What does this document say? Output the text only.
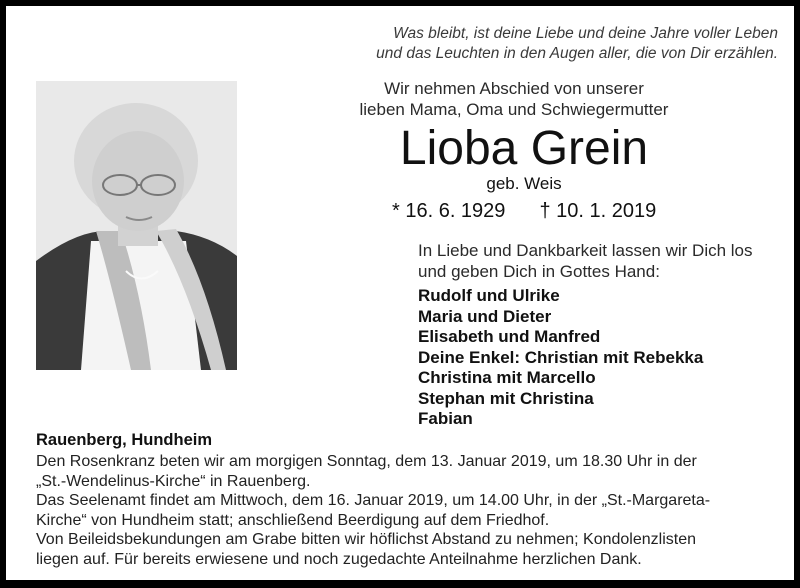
Was bleibt, ist deine Liebe und deine Jahre voller Leben
und das Leuchten in den Augen aller, die von Dir erzählen.
Wir nehmen Abschied von unserer
lieben Mama, Oma und Schwiegermutter
Lioba Grein
geb. Weis
* 16. 6. 1929 † 10. 1. 2019
In Liebe und Dankbarkeit lassen wir Dich los
und geben Dich in Gottes Hand:
Rudolf und Ulrike
Maria und Dieter
Elisabeth und Manfred
Deine Enkel: Christian mit Rebekka
Christina mit Marcello
Stephan mit Christina
Fabian
Rauenberg, Hundheim
Den Rosenkranz beten wir am morgigen Sonntag, dem 13. Januar 2019, um 18.30 Uhr in der
„St.-Wendelinus-Kirche“ in Rauenberg.
Das Seelenamt findet am Mittwoch, dem 16. Januar 2019, um 14.00 Uhr, in der „St.-Margareta-
Kirche“ von Hundheim statt; anschließend Beerdigung auf dem Friedhof.
Von Beileidsbekundungen am Grabe bitten wir höflichst Abstand zu nehmen; Kondolenzlisten
liegen auf. Für bereits erwiesene und noch zugedachte Anteilnahme herzlichen Dank.
